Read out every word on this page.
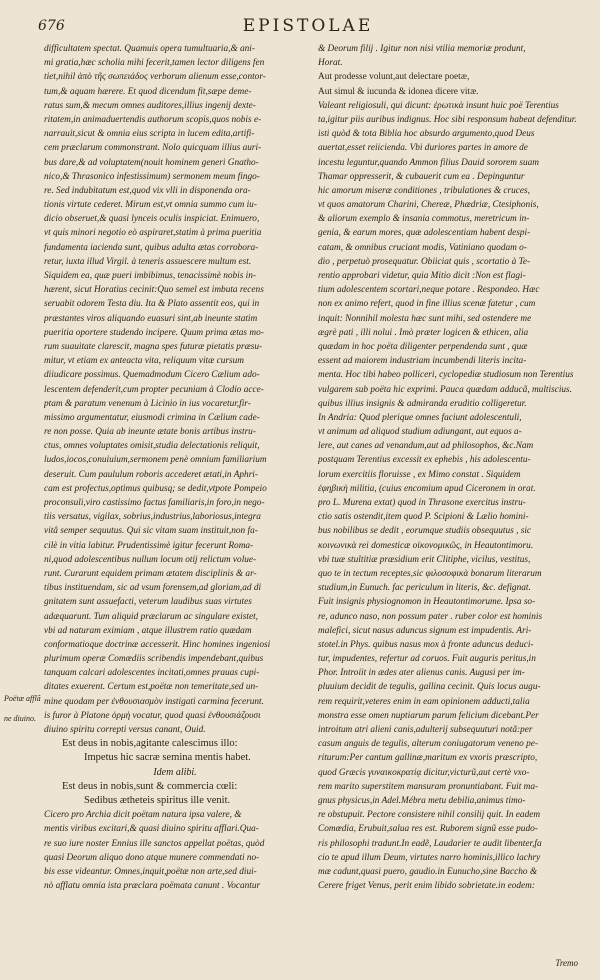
676	EPISTOLAE
difficultatem spectat. Quamuis opera tumultuaria,& ani-
mi gratia,hæc scholia mihi fecerit,tamen lector diligens fen
tiet,nihil ἀπὸ τῆς σωπειάδος verborum alienum esse,contor-
tum,& aquam hærere. Et quod dicendum fit,sæpe deme-
ratus sum,& mecum omnes auditores,illius ingenij dexte-
ritatem,in animaduertendis authorum scopis,quos nobis e-
narrauit,sicut & omnia eius scripta in lucem edita,artifi-
cem præclarum commonstrant. Nolo quicquam illius auri-
bus dare,& ad voluptatem(nouit hominem generi Gnatho-
nico,& Thrasonico infestissimum) sermonem meum fingo-
re. Sed indubitatum est,quod vix vlli in disponenda ora-
tionis virtute cederet. Mirum est,vt omnia summo cum iu-
dicio obseruet,& quasi lynceis oculis inspiciat. Enimuero,
vt quis minori negotio eò aspiraret,statim à prima pueritia
fundamenta iacienda sunt, quibus adulta ætas corrobora-
retur, iuxta illud Virgil. à teneris assuescere multum est.
Siquidem ea, quæ pueri imbibimus, tenacissimè nobis in-
hærent, sicut Horatius cecinit:Quo semel est imbuta recens
seruabit odorem Testa diu. Ita & Plato assentit eos, qui in
præstantes viros aliquando euasuri sint,ab ineunte statim
pueritia oportere studendo incipere. Quum prima ætas mo-
rum suauitate clarescit, magna spes futuræ pietatis præsu-
mitur, vt etiam ex anteacta vita, reliquum vitæ cursum
diiudicare possimus. Quemadmodum Cicero Cælium ado-
lescentem defenderit,cum propter pecuniam à Clodio acce-
ptam & paratum venenum à Licinio in ius vocaretur,fir-
missimo argumentatur, eiusmodi crimina in Cælium cade-
re non posse. Quia ab ineunte ætate bonis artibus instru-
ctus, omnes voluptates omisit,studia delectationis reliquit,
ludos,iocos,conuiuium,sermonem penè omnium familiarium
deseruit. Cum paululum roboris accederet ætati,in Aphri-
cam est profectus,optimus quibusq; se dedit,vtpote Pompeio
proconsuli,viro castissimo factus familiaris,in foro,in nego-
tiis versatus, vigilax, sobrius,industrius,laboriosus,integra
vitâ semper sequutus. Qui sic vitam suam instituit,non fa-
cilè in vitia labitur. Prudentissimè igitur fecerunt Roma-
ni,quod adolescentibus nullum locum otij relictum volue-
runt. Curarunt equidem primam ætatem disciplinis & ar-
tibus instituendam, sic ad vsum forensem,ad gloriam,ad di
gnitatem sunt assuefacti, veterum laudibus suas virtutes
adæquarunt. Tum aliquid præclarum ac singulare existet,
vbi ad naturam eximiam , atque illustrem ratio quædam
conformatioque doctrinæ accesserit. Hinc homines ingeniosi
plurimum operæ Comœdiis scribendis impendebant,quibus
tanquam calcari adolescentes incitati,omnes prauas cupi-
ditates exuerent. Certum est,poëtæ non temeritate,sed un-
mine quodam per ἐνθουσιασμὸν instigati carmina fecerunt.
is furor à Platone ὁρμὴ vocatur, quod quasi ἐνθουσιάζουσι
diuino spiritu correpti versus canant, Ouid.
Est deus in nobis,agitante calescimus illo:
Impetus hic sacræ semina mentis habet.
Idem alibi.
Est deus in nobis,sunt & commercia cœli:
Sedibus ætheteis spiritus ille venit.
Cicero pro Archia dicit poëtam natura ipsa valere, &
mentis viribus excitari,& quasi diuino spiritu afflari.Qua-
re suo iure noster Ennius ille sanctos appellat poëtas, quòd
quasi Deorum aliquo dono atque munere commendati no-
bis esse videantur. Omnes,inquit,poëtæ non arte,sed diui-
nò afflatu omnia ista præclara poëmata canunt . Vocantur
& Deorum filij . Igitur non nisi vtilia memoriæ produnt,
Horat.
Aut prodesse volunt,aut delectare poetæ,
Aut simul & iucunda & idonea dicere vitæ.
Valeant religiosuli, qui dicunt: ἐρωτικὰ insunt huic poë Terentius
ta,igitur piis auribus indignus. Hoc sibi responsum habeat defenditur.
isti quòd & tota Biblia hoc absurdo argumento,quod Deus
auertat,esset reiicienda. Vbi duriores partes in amore de
incestu leguntur,quando Ammon filius Dauid sororem suam
Thamar oppresserit, & cubauerit cum ea . Depinguntur
hic amorum miseræ conditiones , tribulationes & cruces,
vt quos amatorum Charini, Chereæ, Phædriæ, Ctesiphonis,
& aliorum exemplo & insania commotus, meretricum in-
genia, & earum mores, quæ adolescentiam habent despi-
catam, & omnibus cruciant modis, Vatiniano quodam o-
dio , perpetuò prosequatur. Obiiciat quis , scortatio à Te-
rentio approbari videtur, quia Mitio dicit :Non est flagi-
tium adolescentem scortari,neque potare . Respondeo. Hæc
non ex animo refert, quod in fine illius scenæ fatetur , cum
inquit: Nonnihil molesta hæc sunt mihi, sed ostendere me
ægrè pati , illi nolui . Imò præter logicen & ethicen, alia
quædam in hoc poëta diligenter perpendenda sunt , quæ
essent ad maiorem industriam incumbendi literis incita-
menta. Hoc tibi habeo polliceri, cyclopediæ studiosum non Terentius
vulgarem sub poëta hic exprimi. Pauca quædam adducã, multiscius.
quibus illius insignis & admiranda eruditio colligeretur.
In Andria: Quod plerique omnes faciunt adolescentuli,
vt animum ad aliquod studium adiungant, aut equos a-
lere, aut canes ad venandum,aut ad philosophos, &c.Nam
postquam Terentius excessit ex ephebis , his adolescentu-
lorum exercitiis floruisse , ex Mimo constat . Siquidem
ἐφηβικὴ militia, (cuius encomium apud Ciceronem in orat.
pro L. Murena extat) quod in Thrasone exercitus instru-
ctio satis ostendit,item quod P. Scipioni & Lælio homini-
bus nobilibus se dedit , eorumque studiis obsequutus , sic
κοινωνικὰ rei domesticæ οἰκονομικῶς, in Heautontimoru.
vbi tuæ stultitiæ præsidium erit Clitiphe, vicilus, vestitus,
quo te in tectum receptes,sic φιλοσοφικὰ bonarum literarum
studium,in Eunuch. fac periculum in literis, &c. defignat.
Fuit insignis physiognomon in Heautontimorume. Ipsa so-
re, adunco naso, non possum pater . ruber color est hominis
malefici, sicut nasus aduncus signum est impudentis. Ari-
stotel.in Phys. quibus nasus mox à fronte aduncus deduci-
tur, impudentes, refertur ad coruos. Fuit auguris peritus,in
Phor. Introiit in ædes ater alienus canis. Augusi per im-
pluuium decidit de tegulis, gallina cecinit. Quis locus augu-
rem requirit,veteres enim in eam opinionem adducti,talia
monstra esse omen nuptiarum parum felicium dicebant.Per
introitum atri alieni canis,adulterij subsequuturi notã:per
casum anguis de tegulis, alterum coniugatorum veneno pe-
riturum:Per cantum gallinæ,maritum ex vxoris præscripto,
quod Græcis γυναικοκρατίᾳ dicitur,victurũ,aut certè vxo-
rem marito superstitem mansuram pronuntiabant. Fuit ma-
gnus physicus,in Adel.Mébra metu debilia,animus timo-
re obstupuit. Pectore consistere nihil consilij quit. In eadem
Comœdia, Erubuit,salua res est. Ruborem signũ esse pudo-
ris philosophi tradunt.In eadẽ, Laudarier te audit libenter,fa
cio te apud illum Deum, virtutes narro hominis,illico lachry
mæ cadunt,quasi puero, gaudio.in Eunucho,sine Baccho &
Cerere friget Venus, perit enim libido sobrietate.in eodem:
Poëtæ afflã
ne diuino.
Tremo
